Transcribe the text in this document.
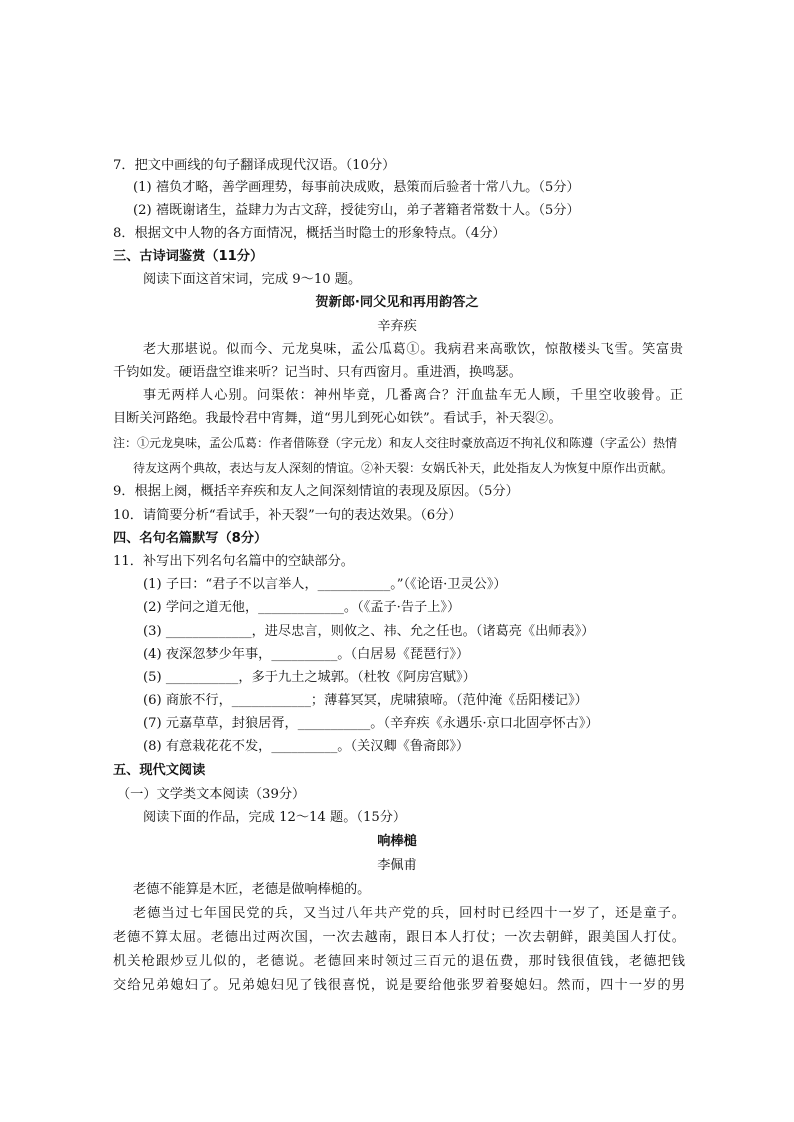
7．把文中画线的句子翻译成现代汉语。（10分）
(1) 禧负才略，善学画理势，每事前决成败，悬策而后验者十常八九。（5分）
(2) 禧既谢诸生，益肆力为古文辞，授徒穷山，弟子著籍者常数十人。（5分）
8．根据文中人物的各方面情况，概括当时隐士的形象特点。（4分）
三、古诗词鉴赏（11分）
阅读下面这首宋词，完成 9～10 题。
贺新郎·同父见和再用韵答之
辛弃疾
老大那堪说。似而今、元龙臭味，孟公瓜葛①。我病君来高歌饮，惊散楼头飞雪。笑富贵
千钧如发。硬语盘空谁来听？记当时、只有西窗月。重进酒，换鸣瑟。
事无两样人心别。问渠侬：神州毕竟，几番离合？汗血盐车无人顾，千里空收骏骨。正
目断关河路绝。我最怜君中宵舞，道“男儿到死心如铁”。看试手，补天裂②。
注：①元龙臭味，孟公瓜葛：作者借陈登（字元龙）和友人交往时豪放高迈不拘礼仪和陈遵（字孟公）热情
待友这两个典故，表达与友人深刻的情谊。②补天裂：女娲氏补天，此处指友人为恢复中原作出贡献。
9．根据上阕，概括辛弃疾和友人之间深刻情谊的表现及原因。（5分）
10．请简要分析“看试手，补天裂”一句的表达效果。（6分）
四、名句名篇默写（8分）
11．补写出下列名句名篇中的空缺部分。
(1) 子曰：“君子不以言举人，___________。”（《论语·卫灵公》）
(2) 学问之道无他，_____________。（《孟子·告子上》）
(3) _____________，进尽忠言，则攸之、祎、允之任也。（诸葛亮《出师表》）
(4) 夜深忽梦少年事，__________。（白居易《琵琶行》）
(5) ___________，多于九土之城郭。（杜牧《阿房宫赋》）
(6) 商旅不行，____________；薄暮冥冥，虎啸猿啼。（范仲淹《岳阳楼记》）
(7) 元嘉草草，封狼居胥，___________。（辛弃疾《永遇乐·京口北固亭怀古》）
(8) 有意栽花花不发，__________。（关汉卿《鲁斋郎》）
五、现代文阅读
（一）文学类文本阅读（39分）
阅读下面的作品，完成 12～14 题。（15分）
响棒槌
李佩甫
老德不能算是木匠，老德是做响棒槌的。
老德当过七年国民党的兵，又当过八年共产党的兵，回村时已经四十一岁了，还是童子。
老德不算太屈。老德出过两次国，一次去越南，跟日本人打仗；一次去朝鲜，跟美国人打仗。
机关枪跟炒豆儿似的，老德说。老德回来时领过三百元的退伍费，那时钱很值钱，老德把钱
交给兄弟媳妇了。兄弟媳妇见了钱很喜悦，说是要给他张罗着娶媳妇。然而，四十一岁的男
